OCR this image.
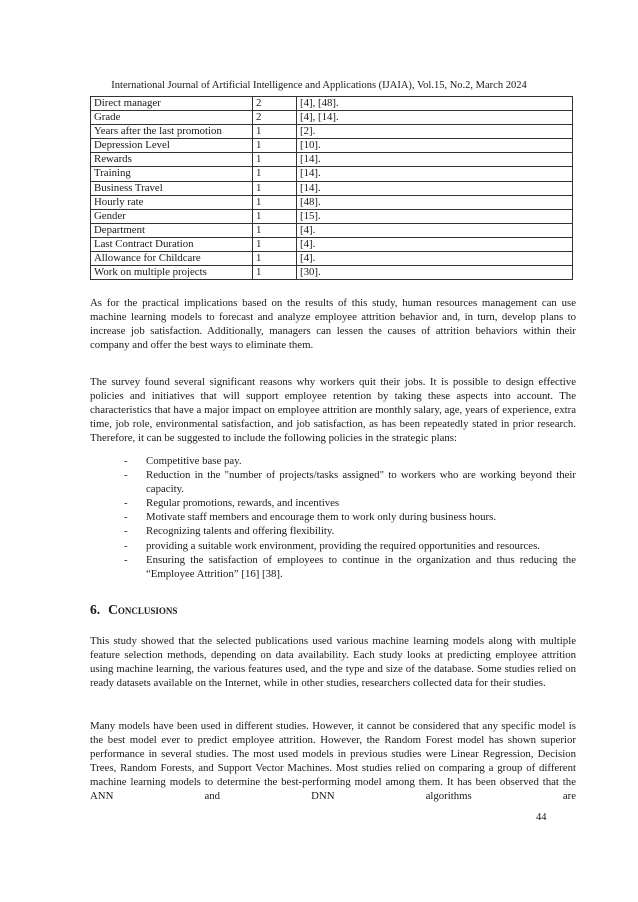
International Journal of Artificial Intelligence and Applications (IJAIA), Vol.15, No.2, March 2024
Direct manager	2	[4], [48].
Grade	2	[4], [14].
Years after the last promotion	1	[2].
Depression Level	1	[10].
Rewards	1	[14].
Training	1	[14].
Business Travel	1	[14].
Hourly rate	1	[48].
Gender	1	[15].
Department	1	[4].
Last Contract Duration	1	[4].
Allowance for Childcare	1	[4].
Work on multiple projects	1	[30].

As for the practical implications based on the results of this study, human resources management can use machine learning models to forecast and analyze employee attrition behavior and, in turn, develop plans to increase job satisfaction. Additionally, managers can lessen the causes of attrition behaviors within their company and offer the best ways to eliminate them.

The survey found several significant reasons why workers quit their jobs. It is possible to design effective policies and initiatives that will support employee retention by taking these aspects into account. The characteristics that have a major impact on employee attrition are monthly salary, age, years of experience, extra time, job role, environmental satisfaction, and job satisfaction, as has been repeatedly stated in prior research. Therefore, it can be suggested to include the following policies in the strategic plans:

- Competitive base pay.
- Reduction in the "number of projects/tasks assigned" to workers who are working beyond their capacity.
- Regular promotions, rewards, and incentives
- Motivate staff members and encourage them to work only during business hours.
- Recognizing talents and offering flexibility.
- providing a suitable work environment, providing the required opportunities and resources.
- Ensuring the satisfaction of employees to continue in the organization and thus reducing the “Employee Attrition” [16] [38].
6. Conclusions

This study showed that the selected publications used various machine learning models along with multiple feature selection methods, depending on data availability. Each study looks at predicting employee attrition using machine learning, the various features used, and the type and size of the database. Some studies relied on ready datasets available on the Internet, while in other studies, researchers collected data for their studies.

Many models have been used in different studies. However, it cannot be considered that any specific model is the best model ever to predict employee attrition. However, the Random Forest model has shown superior performance in several studies. The most used models in previous studies were Linear Regression, Decision Trees, Random Forests, and Support Vector Machines. Most studies relied on comparing a group of different machine learning models to determine the best-performing model among them. It has been observed that the ANN and DNN algorithms are

44
